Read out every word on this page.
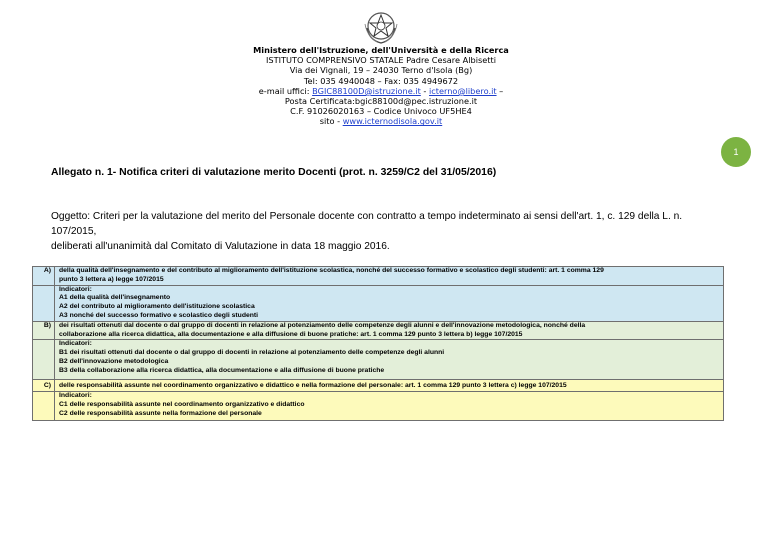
Ministero dell'Istruzione, dell'Università e della Ricerca
ISTITUTO COMPRENSIVO STATALE Padre Cesare Albisetti
Via dei Vignali, 19 – 24030 Terno d'Isola (Bg)
Tel: 035 4940048 – Fax: 035 4949672
e-mail uffici: BGIC88100D@istruzione.it - icterno@libero.it –
Posta Certificata:bgic88100d@pec.istruzione.it
C.F. 91026020163 – Codice Univoco UF5HE4
sito - www.icternodisola.gov.it
1
Allegato n. 1- Notifica criteri di valutazione merito Docenti (prot. n. 3259/C2 del 31/05/2016)
Oggetto: Criteri per la valutazione del merito del Personale docente con contratto a tempo indeterminato ai sensi dell'art. 1, c. 129 della L. n. 107/2015,
deliberati all'unanimità dal Comitato di Valutazione in data 18 maggio 2016.
A)	della qualità dell'insegnamento e del contributo al miglioramento dell'istituzione scolastica, nonché del successo formativo e scolastico degli studenti: art. 1 comma 129
punto 3 lettera a) legge 107/2015

	Indicatori:
A1 della qualità dell'insegnamento
A2 del contributo al miglioramento dell'istituzione scolastica
A3 nonché del successo formativo e scolastico degli studenti

B)	dei risultati ottenuti dal docente o dal gruppo di docenti in relazione al potenziamento delle competenze degli alunni e dell'innovazione metodologica, nonché della
collaborazione alla ricerca didattica, alla documentazione e alla diffusione di buone pratiche: art. 1 comma 129 punto 3 lettera b) legge 107/2015

	Indicatori:
B1 dei risultati ottenuti dal docente o dal gruppo di docenti in relazione al potenziamento delle competenze degli alunni
B2 dell'innovazione metodologica
B3 della collaborazione alla ricerca didattica, alla documentazione e alla diffusione di buone pratiche

C)	delle responsabilità assunte nel coordinamento organizzativo e didattico e nella formazione del personale: art. 1 comma 129 punto 3 lettera c) legge 107/2015

	Indicatori:
C1 delle responsabilità assunte nel coordinamento organizzativo e didattico
C2 delle responsabilità assunte nella formazione del personale
